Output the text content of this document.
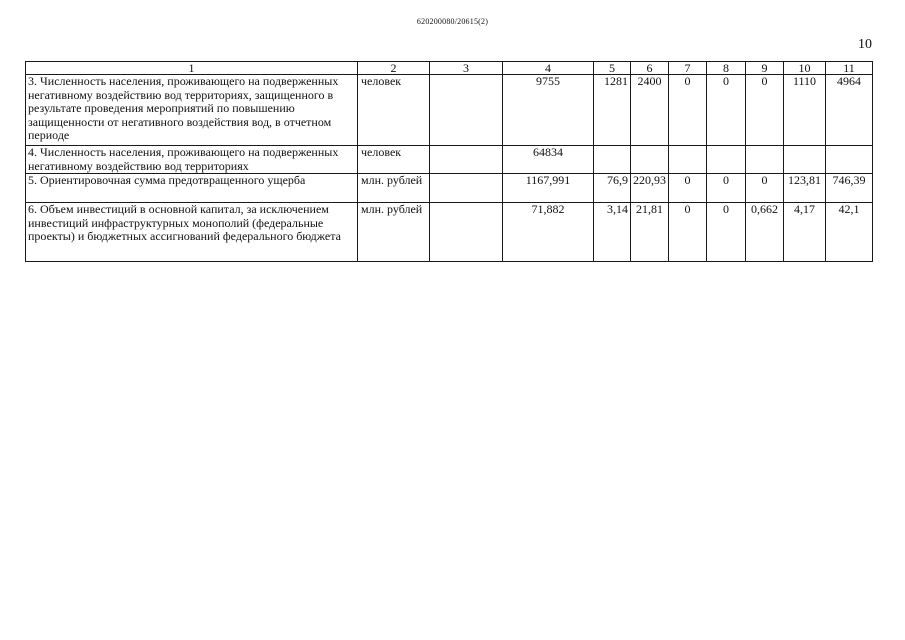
620200080/20615(2)
10
1	2	3	4	5	6	7	8	9	10	11
3. Численность населения, проживающего на подверженных негативному воздействию вод территориях, защищенного в результате проведения мероприятий по повышению защищенности от негативного воздействия вод, в отчетном периоде	человек		9755	1281	2400	0	0	0	1110	4964
4. Численность населения, проживающего на подверженных негативному воздействию вод территориях	человек		64834							
5. Ориентировочная сумма предотвращенного ущерба	млн. рублей		1167,991	76,9	220,93	0	0	0	123,81	746,39
6. Объем инвестиций в основной капитал, за исключением инвестиций инфраструктурных монополий (федеральные проекты) и бюджетных ассигнований федерального бюджета	млн. рублей		71,882	3,14	21,81	0	0	0,662	4,17	42,1
